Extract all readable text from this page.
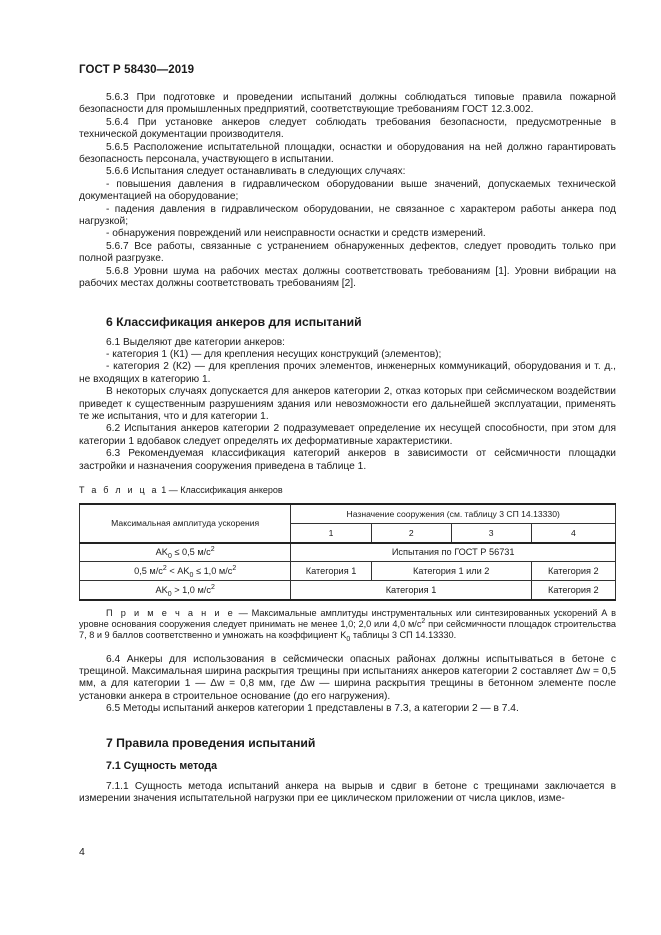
ГОСТ Р 58430—2019

5.6.3 При подготовке и проведении испытаний должны соблюдаться типовые правила пожарной безопасности для промышленных предприятий, соответствующие требованиям ГОСТ 12.3.002.

5.6.4 При установке анкеров следует соблюдать требования безопасности, предусмотренные в технической документации производителя.

5.6.5 Расположение испытательной площадки, оснастки и оборудования на ней должно гарантировать безопасность персонала, участвующего в испытании.

5.6.6 Испытания следует останавливать в следующих случаях:

- повышения давления в гидравлическом оборудовании выше значений, допускаемых технической документацией на оборудование;

- падения давления в гидравлическом оборудовании, не связанное с характером работы анкера под нагрузкой;

- обнаружения повреждений или неисправности оснастки и средств измерений.

5.6.7 Все работы, связанные с устранением обнаруженных дефектов, следует проводить только при полной разгрузке.

5.6.8 Уровни шума на рабочих местах должны соответствовать требованиям [1]. Уровни вибрации на рабочих местах должны соответствовать требованиям [2].

6 Классификация анкеров для испытаний

6.1 Выделяют две категории анкеров:

- категория 1 (К1) — для крепления несущих конструкций (элементов);

- категория 2 (К2) — для крепления прочих элементов, инженерных коммуникаций, оборудования и т. д., не входящих в категорию 1.

В некоторых случаях допускается для анкеров категории 2, отказ которых при сейсмическом воздействии приведет к существенным разрушениям здания или невозможности его дальнейшей эксплуатации, применять те же испытания, что и для категории 1.

6.2 Испытания анкеров категории 2 подразумевает определение их несущей способности, при этом для категории 1 вдобавок следует определять их деформативные характеристики.

6.3 Рекомендуемая классификация категорий анкеров в зависимости от сейсмичности площадки застройки и назначения сооружения приведена в таблице 1.

Т а б л и ц а 1 — Классификация анкеров

Максимальная амплитуда ускорения	Назначение сооружения (см. таблицу 3 СП 14.13330)			
	1	2	3	4
$AK_0 \le 0,5$ $м/с^2$	Испытания по ГОСТ Р 56731			
0,5 $м/с^2 < AK_0 \le 1,0$ $м/с^2$	Категория 1	Категория 1 или 2		Категория 2
$AK_0 > 1,0$ $м/с^2$	Категория 1			Категория 2

П р и м е ч а н и е — Максимальные амплитуды инструментальных или синтезированных ускорений А в уровне основания сооружения следует принимать не менее 1,0; 2,0 или 4,0 $м/с^2$ при сейсмичности площадок строительства 7, 8 и 9 баллов соответственно и умножать на коэффициент $K_0$ таблицы 3 СП 14.13330.

6.4 Анкеры для использования в сейсмически опасных районах должны испытываться в бетоне с трещиной. Максимальная ширина раскрытия трещины при испытаниях анкеров категории 2 составляет Δw = 0,5 мм, а для категории 1 — Δw = 0,8 мм, где Δw — ширина раскрытия трещины в бетонном элементе после установки анкера в строительное основание (до его нагружения).

6.5 Методы испытаний анкеров категории 1 представлены в 7.3, а категории 2 — в 7.4.

7 Правила проведения испытаний
7.1 Сущность метода

7.1.1 Сущность метода испытаний анкера на вырыв и сдвиг в бетоне с трещинами заключается в измерении значения испытательной нагрузки при ее циклическом приложении от числа циклов, изме-

4
